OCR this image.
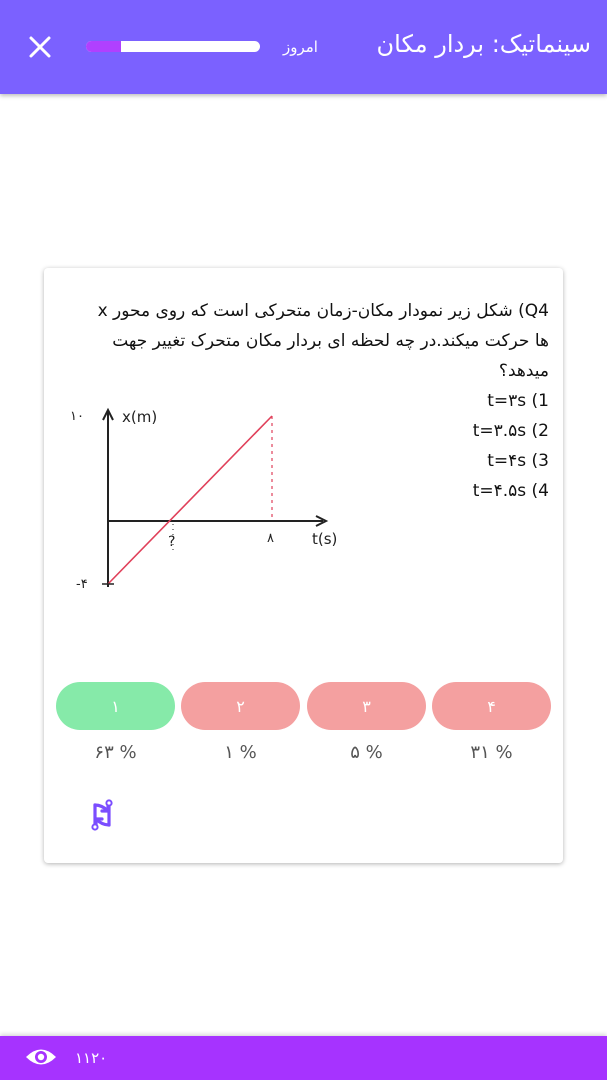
امروز سینماتیک: بردار مکان

Q4) شکل زیر نمودار مکان-زمان متحرکی است که روی محور x

ها حرکت میکند.در چه لحظه ای بردار مکان متحرک تغییر جهت

میدهد؟

t=۳s (1

t=۳.۵s (2

t=۴s (3

t=۴.۵s (4

x(m)
۱۰
-۴
۸
?	t(s)
۱	۲	۳	۴
۶۳ %	۱ %	۵ %	۳۱ %
۱۱۲۰
